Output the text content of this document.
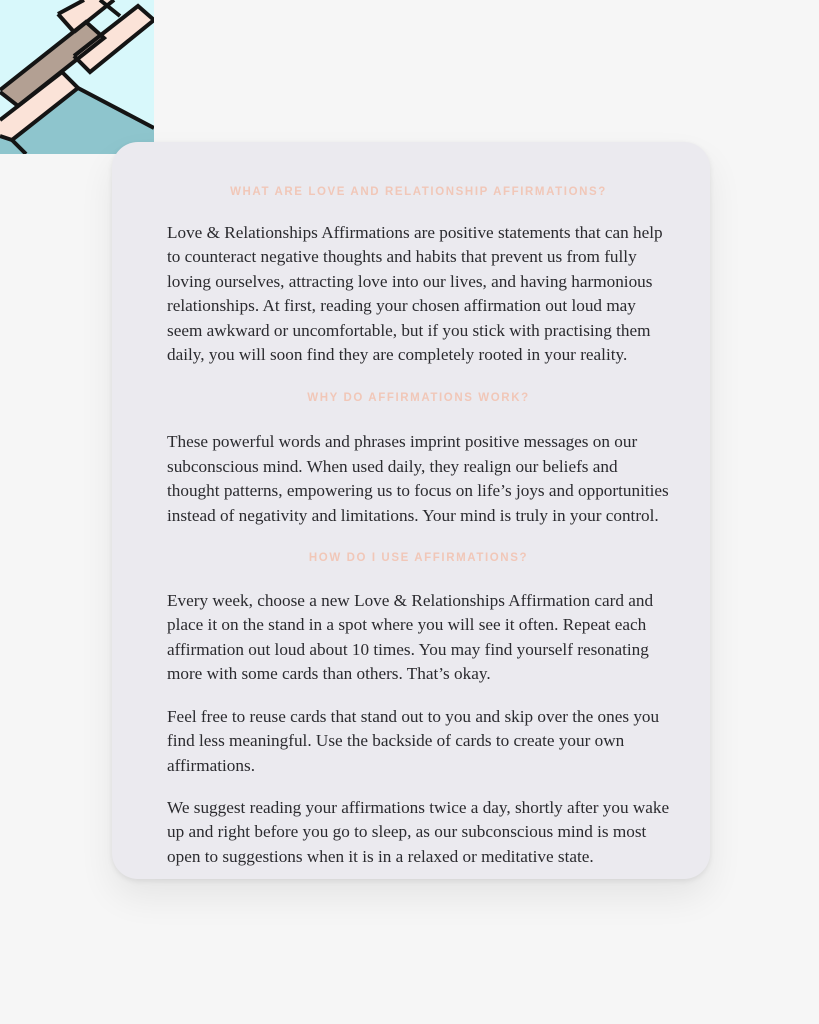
WHAT ARE LOVE AND RELATIONSHIP AFFIRMATIONS?

Love & Relationships Affirmations are positive statements that can help to counteract negative thoughts and habits that prevent us from fully loving ourselves, attracting love into our lives, and having harmonious relationships. At first, reading your chosen affirmation out loud may seem awkward or uncomfortable, but if you stick with practising them daily, you will soon find they are completely rooted in your reality.

WHY DO AFFIRMATIONS WORK?

These powerful words and phrases imprint positive messages on our subconscious mind. When used daily, they realign our beliefs and thought patterns, empowering us to focus on life’s joys and opportunities instead of negativity and limitations. Your mind is truly in your control.

HOW DO I USE AFFIRMATIONS?

Every week, choose a new Love & Relationships Affirmation card and place it on the stand in a spot where you will see it often. Repeat each affirmation out loud about 10 times. You may find yourself resonating more with some cards than others. That’s okay.

Feel free to reuse cards that stand out to you and skip over the ones you find less meaningful. Use the backside of cards to create your own affirmations.

We suggest reading your affirmations twice a day, shortly after you wake up and right before you go to sleep, as our subconscious mind is most open to suggestions when it is in a relaxed or meditative state.
